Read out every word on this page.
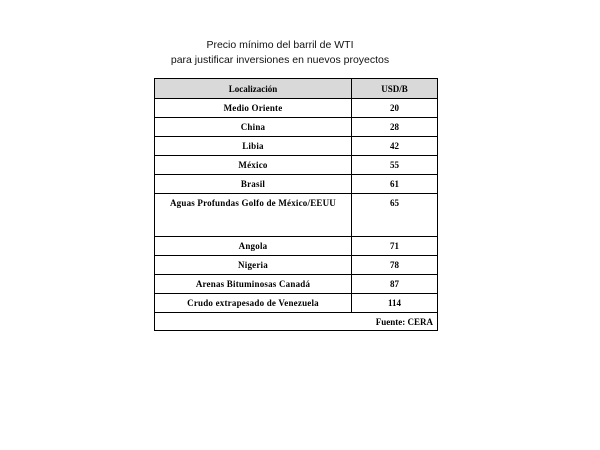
Precio mínimo del barril de WTI
para justificar inversiones en nuevos proyectos
Localización	USD/B
Medio Oriente	20
China	28
Libia	42
México	55
Brasil	61
Aguas Profundas Golfo de México/EEUU	65
Angola	71
Nigeria	78
Arenas Bituminosas Canadá	87
Crudo extrapesado de Venezuela	114
Fuente: CERA	
